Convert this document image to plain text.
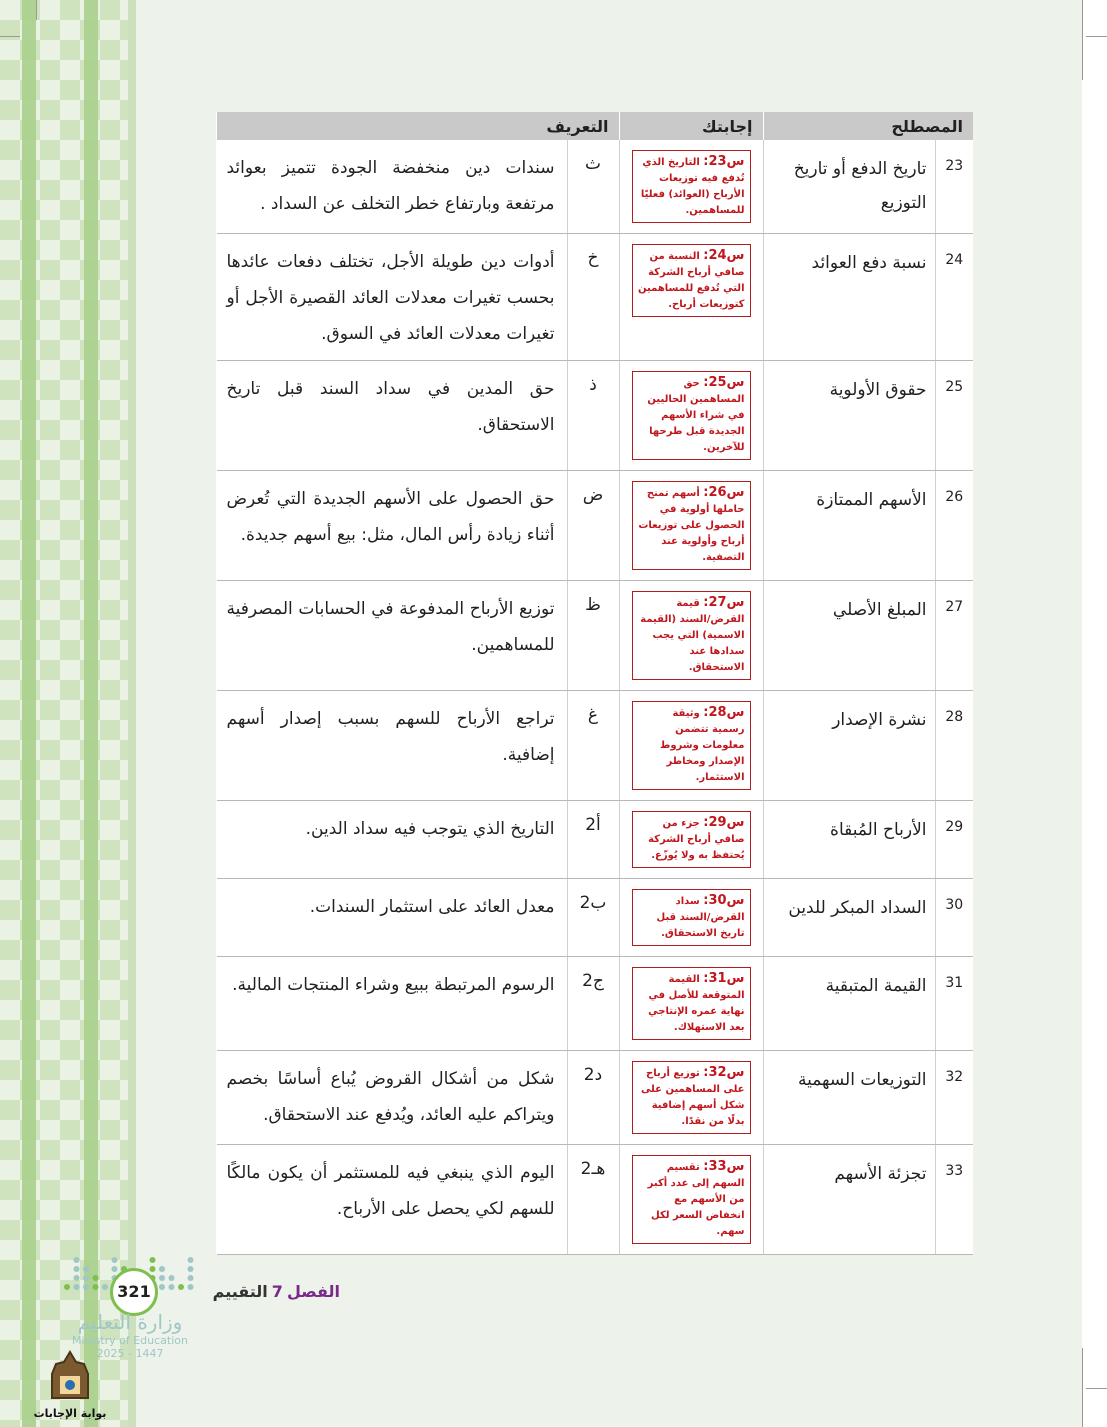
المصطلح		إجابتك	التعريف	
23	تاريخ الدفع أو تاريخ التوزيع	س23: التاريخ الذي تُدفع فيه توزيعات الأرباح (العوائد) فعليًا للمساهمين.	ث	سندات دين منخفضة الجودة تتميز بعوائد مرتفعة وبارتفاع خطر التخلف عن السداد .
24	نسبة دفع العوائد	س24: النسبة من صافي أرباح الشركة التي تُدفع للمساهمين كتوزيعات أرباح.	خ	أدوات دين طويلة الأجل، تختلف دفعات عائدها بحسب تغيرات معدلات العائد القصيرة الأجل أو تغيرات معدلات العائد في السوق.
25	حقوق الأولوية	س25: حق المساهمين الحاليين في شراء الأسهم الجديدة قبل طرحها للآخرين.	ذ	حق المدين في سداد السند قبل تاريخ الاستحقاق.
26	الأسهم الممتازة	س26: أسهم تمنح حاملها أولوية في الحصول على توزيعات أرباح وأولوية عند التصفية.	ض	حق الحصول على الأسهم الجديدة التي تُعرض أثناء زيادة رأس المال، مثل: بيع أسهم جديدة.
27	المبلغ الأصلي	س27: قيمة القرض/السند (القيمة الاسمية) التي يجب سدادها عند الاستحقاق.	ظ	توزيع الأرباح المدفوعة في الحسابات المصرفية للمساهمين.
28	نشرة الإصدار	س28: وثيقة رسمية تتضمن معلومات وشروط الإصدار ومخاطر الاستثمار.	غ	تراجع الأرباح للسهم بسبب إصدار أسهم إضافية.
29	الأرباح المُبقاة	س29: جزء من صافي أرباح الشركة يُحتفظ به ولا يُوزّع.	أ2	التاريخ الذي يتوجب فيه سداد الدين.
30	السداد المبكر للدين	س30: سداد القرض/السند قبل تاريخ الاستحقاق.	ب2	معدل العائد على استثمار السندات.
31	القيمة المتبقية	س31: القيمة المتوقعة للأصل في نهاية عمره الإنتاجي بعد الاستهلاك.	ج2	الرسوم المرتبطة ببيع وشراء المنتجات المالية.
32	التوزيعات السهمية	س32: توزيع أرباح على المساهمين على شكل أسهم إضافية بدلًا من نقدًا.	د2	شكل من أشكال القروض يُباع أساسًا بخصم ويتراكم عليه العائد، ويُدفع عند الاستحقاق.
33	تجزئة الأسهم	س33: تقسيم السهم إلى عدد أكبر من الأسهم مع انخفاض السعر لكل سهم.	هـ2	اليوم الذي ينبغي فيه للمستثمر أن يكون مالكًا للسهم لكي يحصل على الأرباح.
321	الفصل7التقييم
وزارة التعليم
Ministry of Education
2025 - 1447
بوابة الإجابات
